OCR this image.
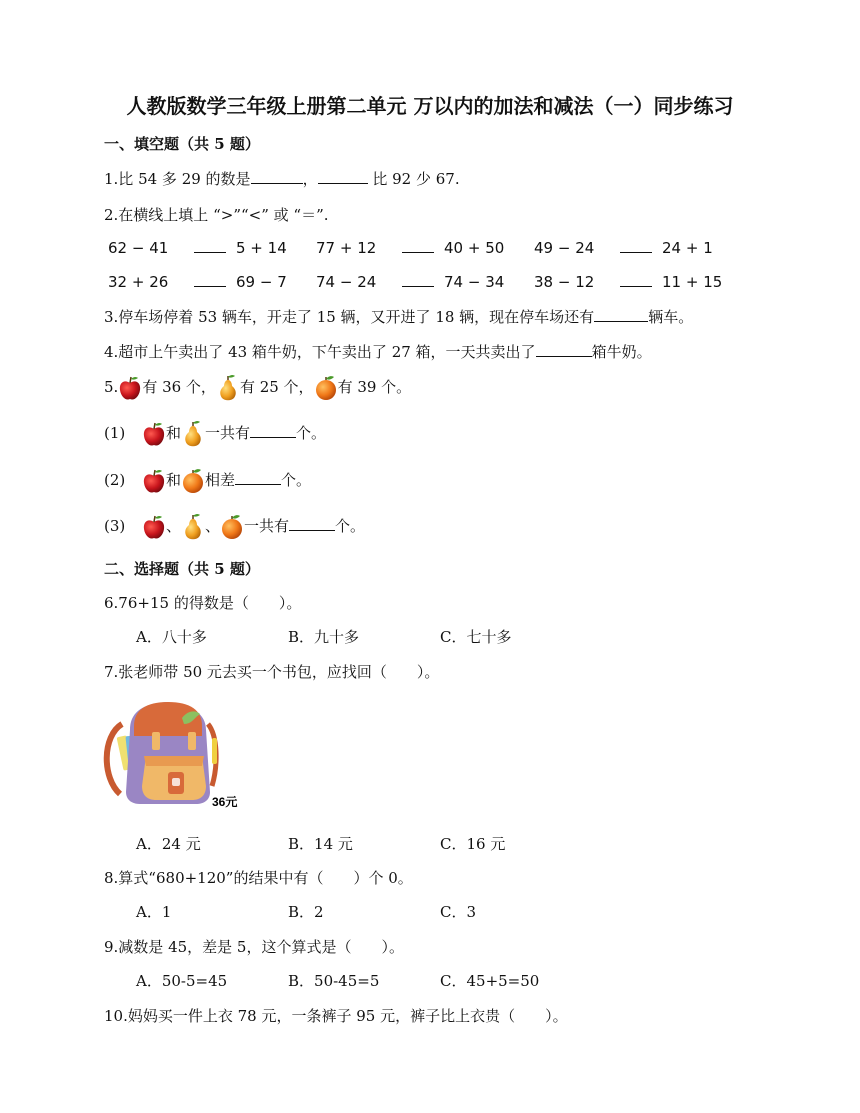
人教版数学三年级上册第二单元 万以内的加法和减法（一）同步练习
一、填空题（共 5 题）
1.比 54 多 29 的数是	，	比 92 少 67.
2.在横线上填上 “>”“<” 或 “＝”.
62 − 41	5 + 14 77 + 12	40 + 50 49 − 24	24 + 1
32 + 26	69 − 7 74 − 24	74 − 34 38 − 12	11 + 15
3.停车场停着 53 辆车，开走了 15 辆，又开进了 18 辆，现在停车场还有	辆车。
4.超市上午卖出了 43 箱牛奶，下午卖出了 27 箱，一天共卖出了	箱牛奶。
5. 有 36 个， 有 25 个， 有 39 个。
(1)	和 一共有	个。
(2)	和 相差	个。
(3)	、 、 一共有	个。
二、选择题（共 5 题）
6.76+15 的得数是（　　）。
A．八十多	B．九十多	C．七十多
7.张老师带 50 元去买一个书包，应找回（　　）。
36元
A．24 元	B．14 元	C．16 元
8.算式“680+120”的结果中有（　　）个 0。
A．1	B．2	C．3
9.减数是 45，差是 5，这个算式是（　　）。
A．50-5=45	B．50-45=5	C．45+5=50
10.妈妈买一件上衣 78 元，一条裤子 95 元，裤子比上衣贵（　　）。
